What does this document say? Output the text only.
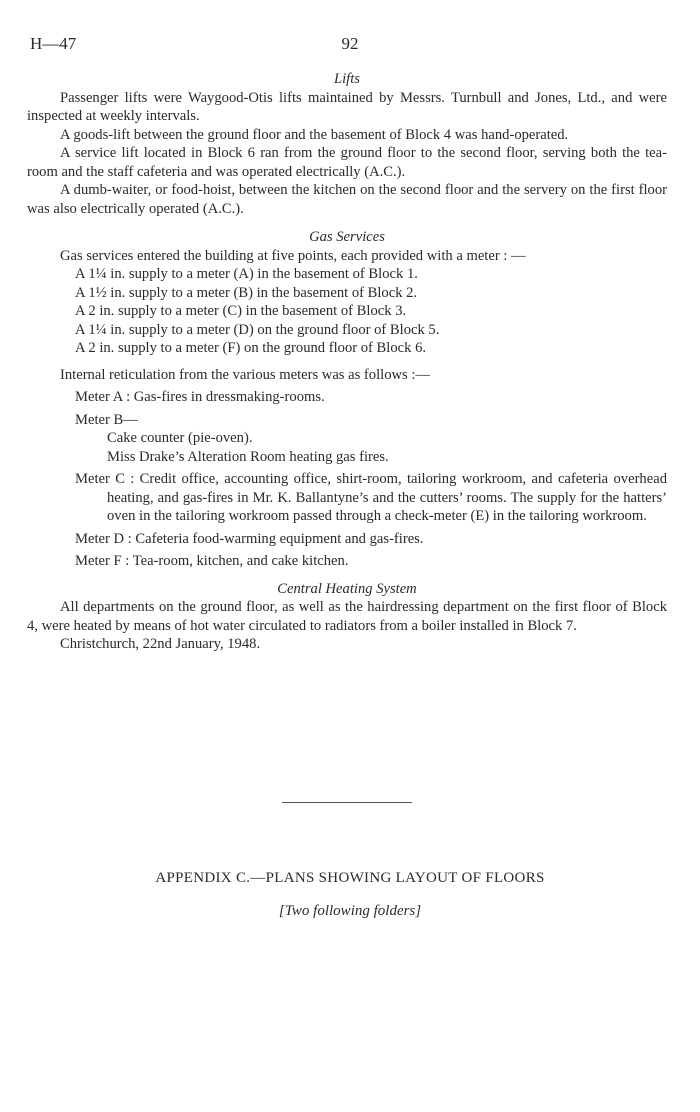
H—47	92
Lifts
Passenger lifts were Waygood-Otis lifts maintained by Messrs. Turnbull and Jones, Ltd., and were inspected at weekly intervals.
A goods-lift between the ground floor and the basement of Block 4 was hand-operated.
A service lift located in Block 6 ran from the ground floor to the second floor, serving both the tea-room and the staff cafeteria and was operated electrically (A.C.).
A dumb-waiter, or food-hoist, between the kitchen on the second floor and the servery on the first floor was also electrically operated (A.C.).
Gas Services
Gas services entered the building at five points, each provided with a meter : —
A 1¼ in. supply to a meter (A) in the basement of Block 1.
A 1½ in. supply to a meter (B) in the basement of Block 2.
A 2 in. supply to a meter (C) in the basement of Block 3.
A 1¼ in. supply to a meter (D) on the ground floor of Block 5.
A 2 in. supply to a meter (F) on the ground floor of Block 6.
Internal reticulation from the various meters was as follows :—
Meter A : Gas-fires in dressmaking-rooms.
Meter B—
Cake counter (pie-oven).
Miss Drake’s Alteration Room heating gas fires.
Meter C : Credit office, accounting office, shirt-room, tailoring workroom, and cafeteria overhead heating, and gas-fires in Mr. K. Ballantyne’s and the cutters’ rooms. The supply for the hatters’ oven in the tailoring workroom passed through a check-meter (E) in the tailoring workroom.
Meter D : Cafeteria food-warming equipment and gas-fires.
Meter F : Tea-room, kitchen, and cake kitchen.
Central Heating System
All departments on the ground floor, as well as the hairdressing department on the first floor of Block 4, were heated by means of hot water circulated to radiators from a boiler installed in Block 7.
Christchurch, 22nd January, 1948.
APPENDIX C.—PLANS SHOWING LAYOUT OF FLOORS
[Two following folders]
